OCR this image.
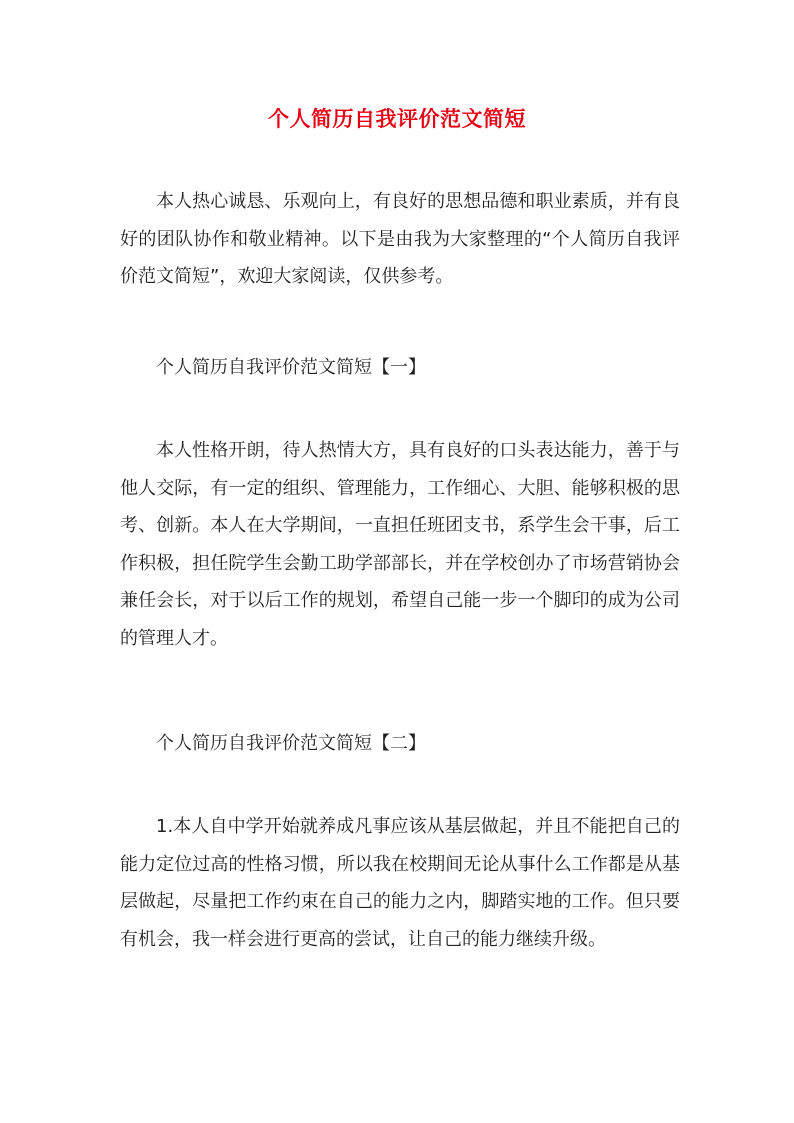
个人简历自我评价范文简短

本人热心诚恳、乐观向上，有良好的思想品德和职业素质，并有良好的团队协作和敬业精神。以下是由我为大家整理的“个人简历自我评价范文简短”，欢迎大家阅读，仅供参考。

个人简历自我评价范文简短【一】

本人性格开朗，待人热情大方，具有良好的口头表达能力，善于与他人交际，有一定的组织、管理能力，工作细心、大胆、能够积极的思考、创新。本人在大学期间，一直担任班团支书，系学生会干事，后工作积极，担任院学生会勤工助学部部长，并在学校创办了市场营销协会兼任会长，对于以后工作的规划，希望自己能一步一个脚印的成为公司的管理人才。

个人简历自我评价范文简短【二】

1.本人自中学开始就养成凡事应该从基层做起，并且不能把自己的能力定位过高的性格习惯，所以我在校期间无论从事什么工作都是从基层做起，尽量把工作约束在自己的能力之内，脚踏实地的工作。但只要有机会，我一样会进行更高的尝试，让自己的能力继续升级。
